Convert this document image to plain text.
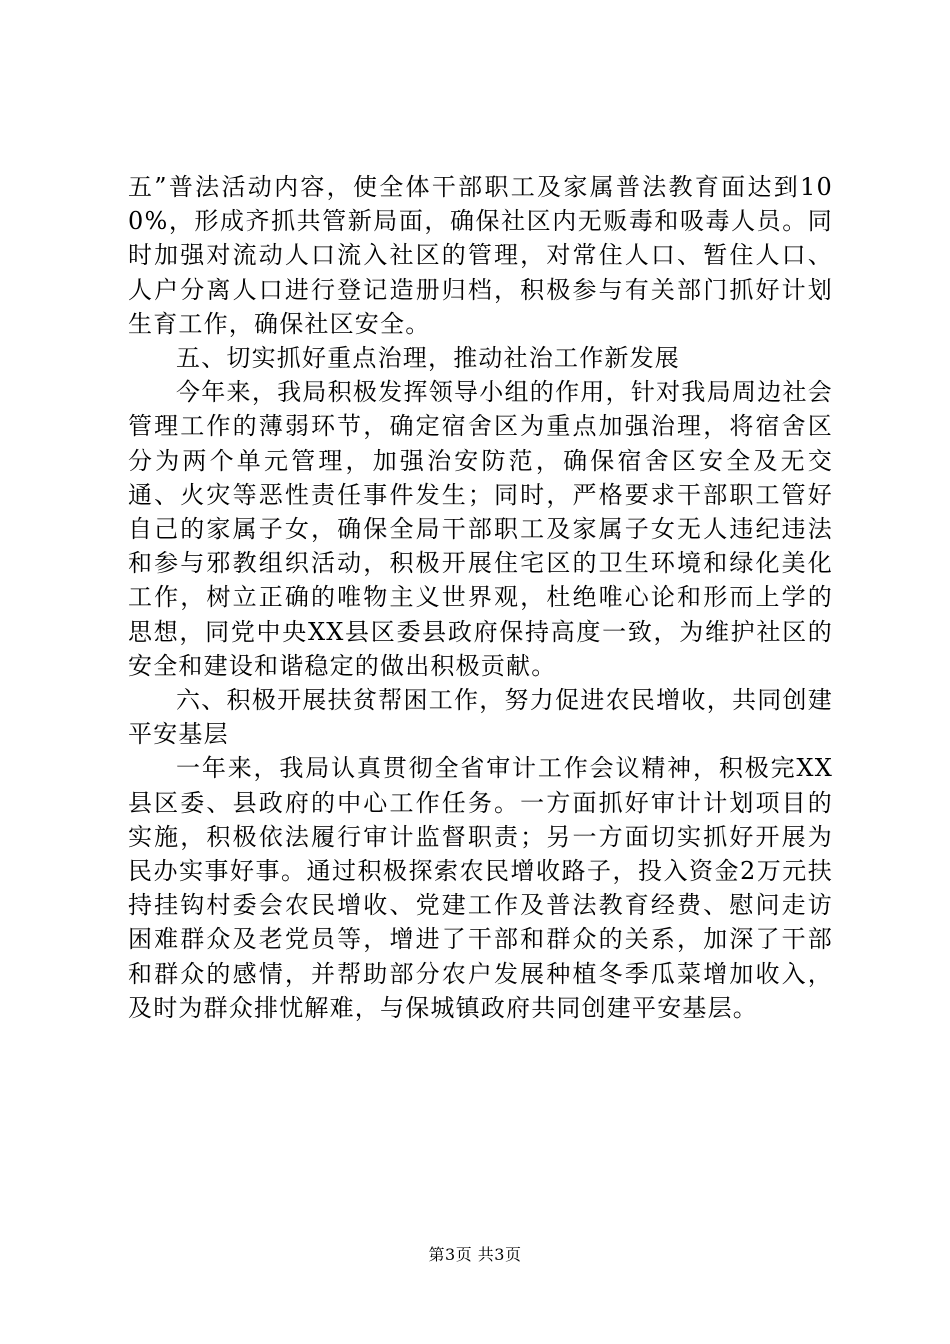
五”普法活动内容，使全体干部职工及家属普法教育面达到100%，形成齐抓共管新局面，确保社区内无贩毒和吸毒人员。同时加强对流动人口流入社区的管理，对常住人口、暂住人口、人户分离人口进行登记造册归档，积极参与有关部门抓好计划生育工作，确保社区安全。

五、切实抓好重点治理，推动社治工作新发展

今年来，我局积极发挥领导小组的作用，针对我局周边社会管理工作的薄弱环节，确定宿舍区为重点加强治理，将宿舍区分为两个单元管理，加强治安防范，确保宿舍区安全及无交通、火灾等恶性责任事件发生；同时，严格要求干部职工管好自己的家属子女，确保全局干部职工及家属子女无人违纪违法和参与邪教组织活动，积极开展住宅区的卫生环境和绿化美化工作，树立正确的唯物主义世界观，杜绝唯心论和形而上学的思想，同党中央XX县区委县政府保持高度一致，为维护社区的安全和建设和谐稳定的做出积极贡献。

六、积极开展扶贫帮困工作，努力促进农民增收，共同创建平安基层

一年来，我局认真贯彻全省审计工作会议精神，积极完XX县区委、县政府的中心工作任务。一方面抓好审计计划项目的实施，积极依法履行审计监督职责；另一方面切实抓好开展为民办实事好事。通过积极探索农民增收路子，投入资金2万元扶持挂钩村委会农民增收、党建工作及普法教育经费、慰问走访困难群众及老党员等，增进了干部和群众的关系，加深了干部和群众的感情，并帮助部分农户发展种植冬季瓜菜增加收入，及时为群众排忧解难，与保城镇政府共同创建平安基层。

第3页 共3页
